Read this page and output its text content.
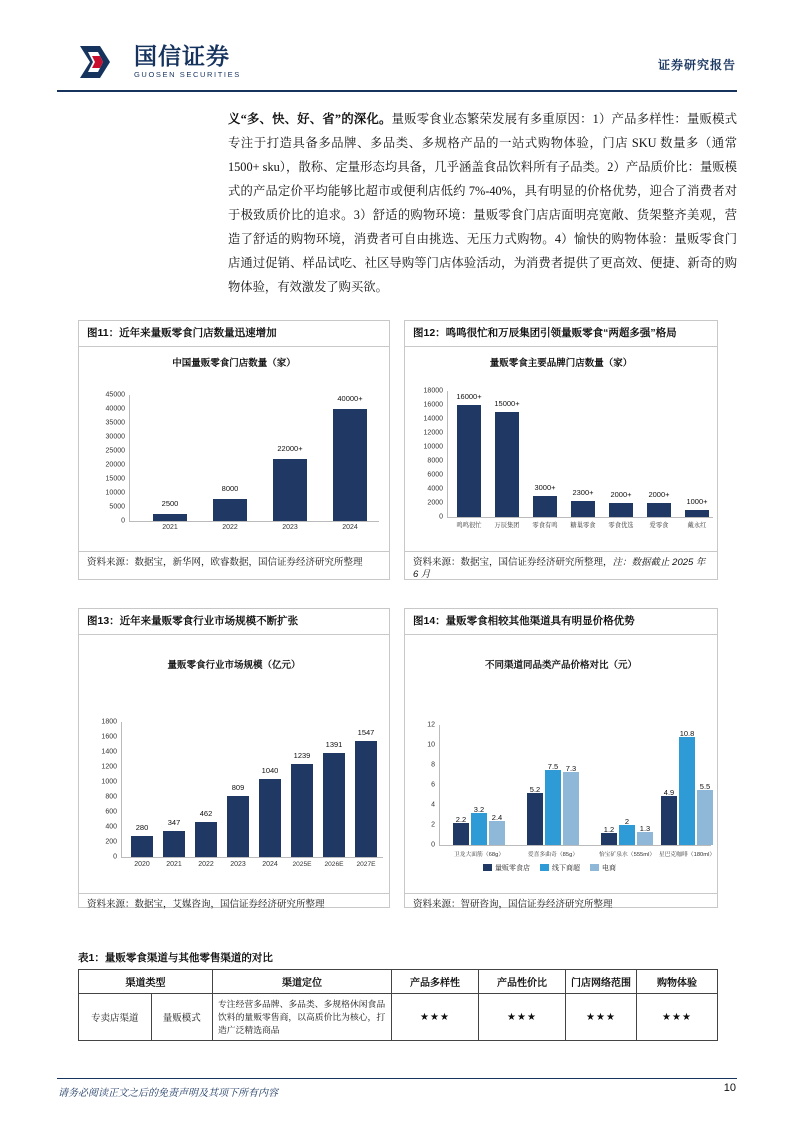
国信证券
GUOSEN SECURITIES
证券研究报告
义“多、快、好、省”的深化。量贩零食业态繁荣发展有多重原因：1）产品多样性：量贩模式专注于打造具备多品牌、多品类、多规格产品的一站式购物体验，门店 SKU 数量多（通常 1500+ sku），散称、定量形态均具备，几乎涵盖食品饮料所有子品类。2）产品质价比：量贩模式的产品定价平均能够比超市或便利店低约 7%-40%，具有明显的价格优势，迎合了消费者对于极致质价比的追求。3）舒适的购物环境：量贩零食门店店面明亮宽敞、货架整齐美观，营造了舒适的购物环境，消费者可自由挑选、无压力式购物。4）愉快的购物体验：量贩零食门店通过促销、样品试吃、社区导购等门店体验活动，为消费者提供了更高效、便捷、新奇的购物体验，有效激发了购买欲。
图11：近年来量贩零食门店数量迅速增加
中国量贩零食门店数量（家）
0
5000
10000
15000
20000
25000
30000
35000
40000
45000
2500
8000
22000+
40000+
2021	2022	2023	2024
资料来源：数据宝，新华网，欧睿数据，国信证券经济研究所整理
图12：鸣鸣很忙和万辰集团引领量贩零食“两超多强”格局
量贩零食主要品牌门店数量（家）
0
2000
4000
6000
8000
10000
12000
14000
16000
18000
16000+
15000+
3000+
2300+	2000+	2000+
1000+
鸣鸣很忙	万辰集团	零食有鸣	糖巢零食	零食优选	爱零食	戴永红
资料来源：数据宝，国信证券经济研究所整理，注：数据截止 2025 年 6 月
图13：近年来量贩零食行业市场规模不断扩张
量贩零食行业市场规模（亿元）
0
200
400
600
800
1000
1200
1400
1600
1800
280
347
462
809
1040
1239
1391
1547
2020	2021	2022	2023	2024	2025E	2026E	2027E
资料来源：数据宝，艾媒咨询，国信证券经济研究所整理
图14：量贩零食相较其他渠道具有明显价格优势
不同渠道同品类产品价格对比（元）
0
2
4
6
8
10
12
2.2
3.2
2.4
5.2
7.5	7.3
1.2
2
1.3
4.9
10.8
5.5
卫龙大面筋（68g）	爱喜多曲奇（85g）	怡宝矿泉水（555ml） 星巴克咖啡（180ml）
量贩零食店	线下商超	电商
资料来源：智研咨询，国信证券经济研究所整理
表1：量贩零食渠道与其他零售渠道的对比
渠道类型		渠道定位	产品多样性	产品性价比	门店网络范围	购物体验
专卖店渠道	量贩模式	专注经营多品牌、多品类、多规格休闲食品饮料的量贩零售商，以高质价比为核心，打造广泛精选商品	★★★	★★★	★★★	★★★
请务必阅读正文之后的免责声明及其项下所有内容	10
